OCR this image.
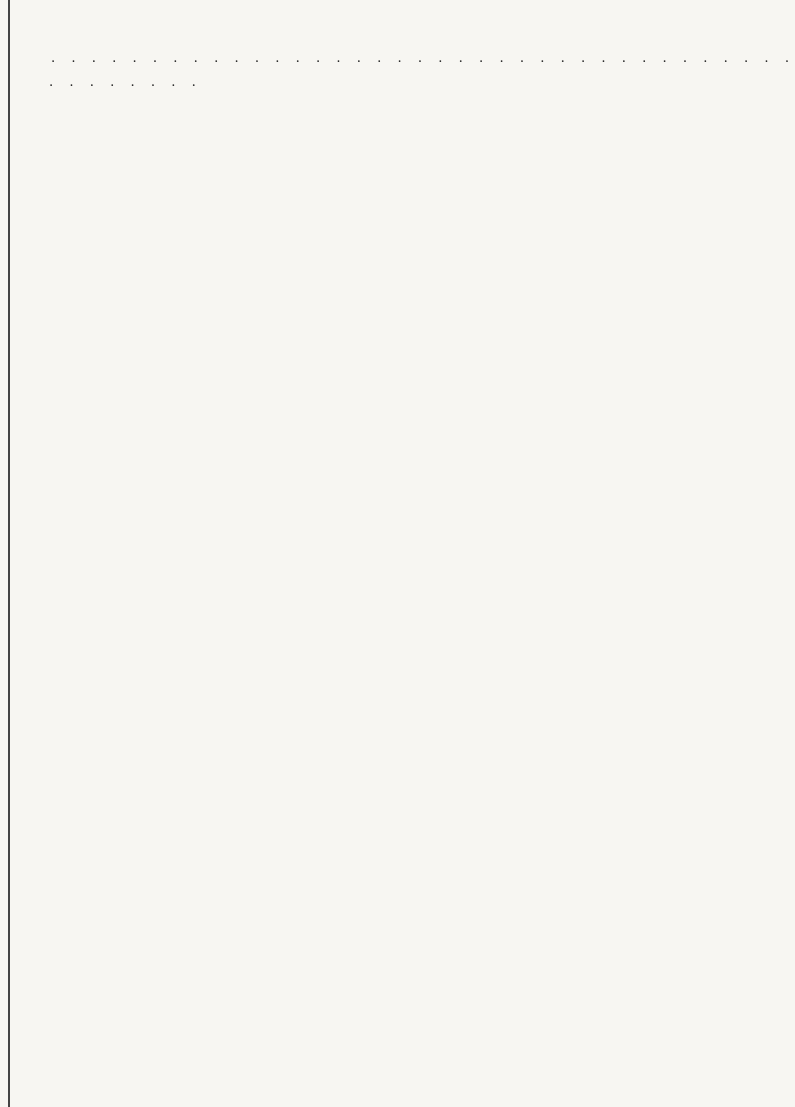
. . . . . . . . . . . . . . . . . . . . . . . . . . . . . . . . . . . . .
. . . . . . . .
